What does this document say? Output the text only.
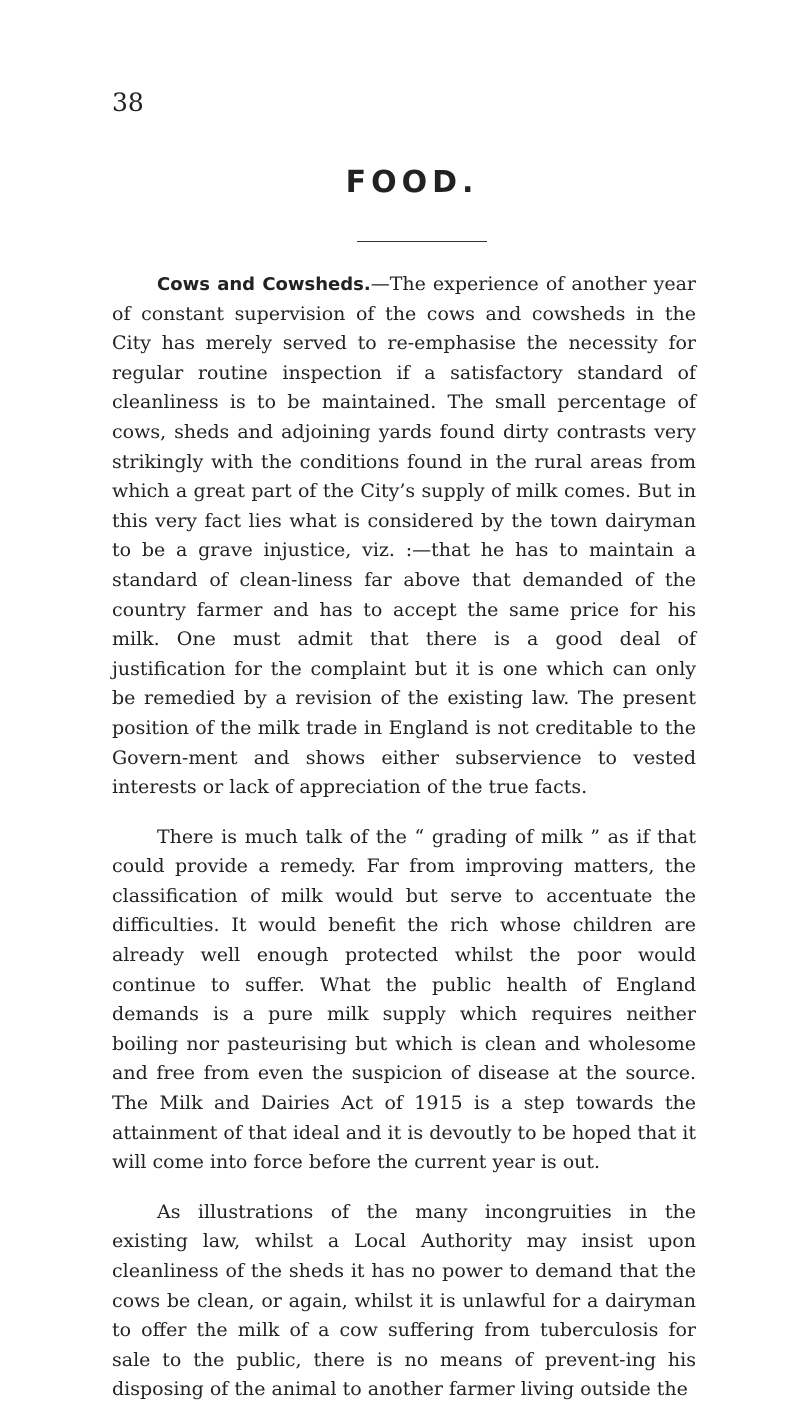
38
FOOD.

Cows and Cowsheds.—The experience of another year of constant supervision of the cows and cowsheds in the City has merely served to re-emphasise the necessity for regular routine inspection if a satisfactory standard of cleanliness is to be maintained. The small percentage of cows, sheds and adjoining yards found dirty contrasts very strikingly with the conditions found in the rural areas from which a great part of the City’s supply of milk comes. But in this very fact lies what is considered by the town dairyman to be a grave injustice, viz. :—that he has to maintain a standard of clean-liness far above that demanded of the country farmer and has to accept the same price for his milk. One must admit that there is a good deal of justification for the complaint but it is one which can only be remedied by a revision of the existing law. The present position of the milk trade in England is not creditable to the Govern-ment and shows either subservience to vested interests or lack of appreciation of the true facts.

There is much talk of the “ grading of milk ” as if that could provide a remedy. Far from improving matters, the classification of milk would but serve to accentuate the difficulties. It would benefit the rich whose children are already well enough protected whilst the poor would continue to suffer. What the public health of England demands is a pure milk supply which requires neither boiling nor pasteurising but which is clean and wholesome and free from even the suspicion of disease at the source. The Milk and Dairies Act of 1915 is a step towards the attainment of that ideal and it is devoutly to be hoped that it will come into force before the current year is out.

As illustrations of the many incongruities in the existing law, whilst a Local Authority may insist upon cleanliness of the sheds it has no power to demand that the cows be clean, or again, whilst it is unlawful for a dairyman to offer the milk of a cow suffering from tuberculosis for sale to the public, there is no means of prevent-ing his disposing of the animal to another farmer living outside the
